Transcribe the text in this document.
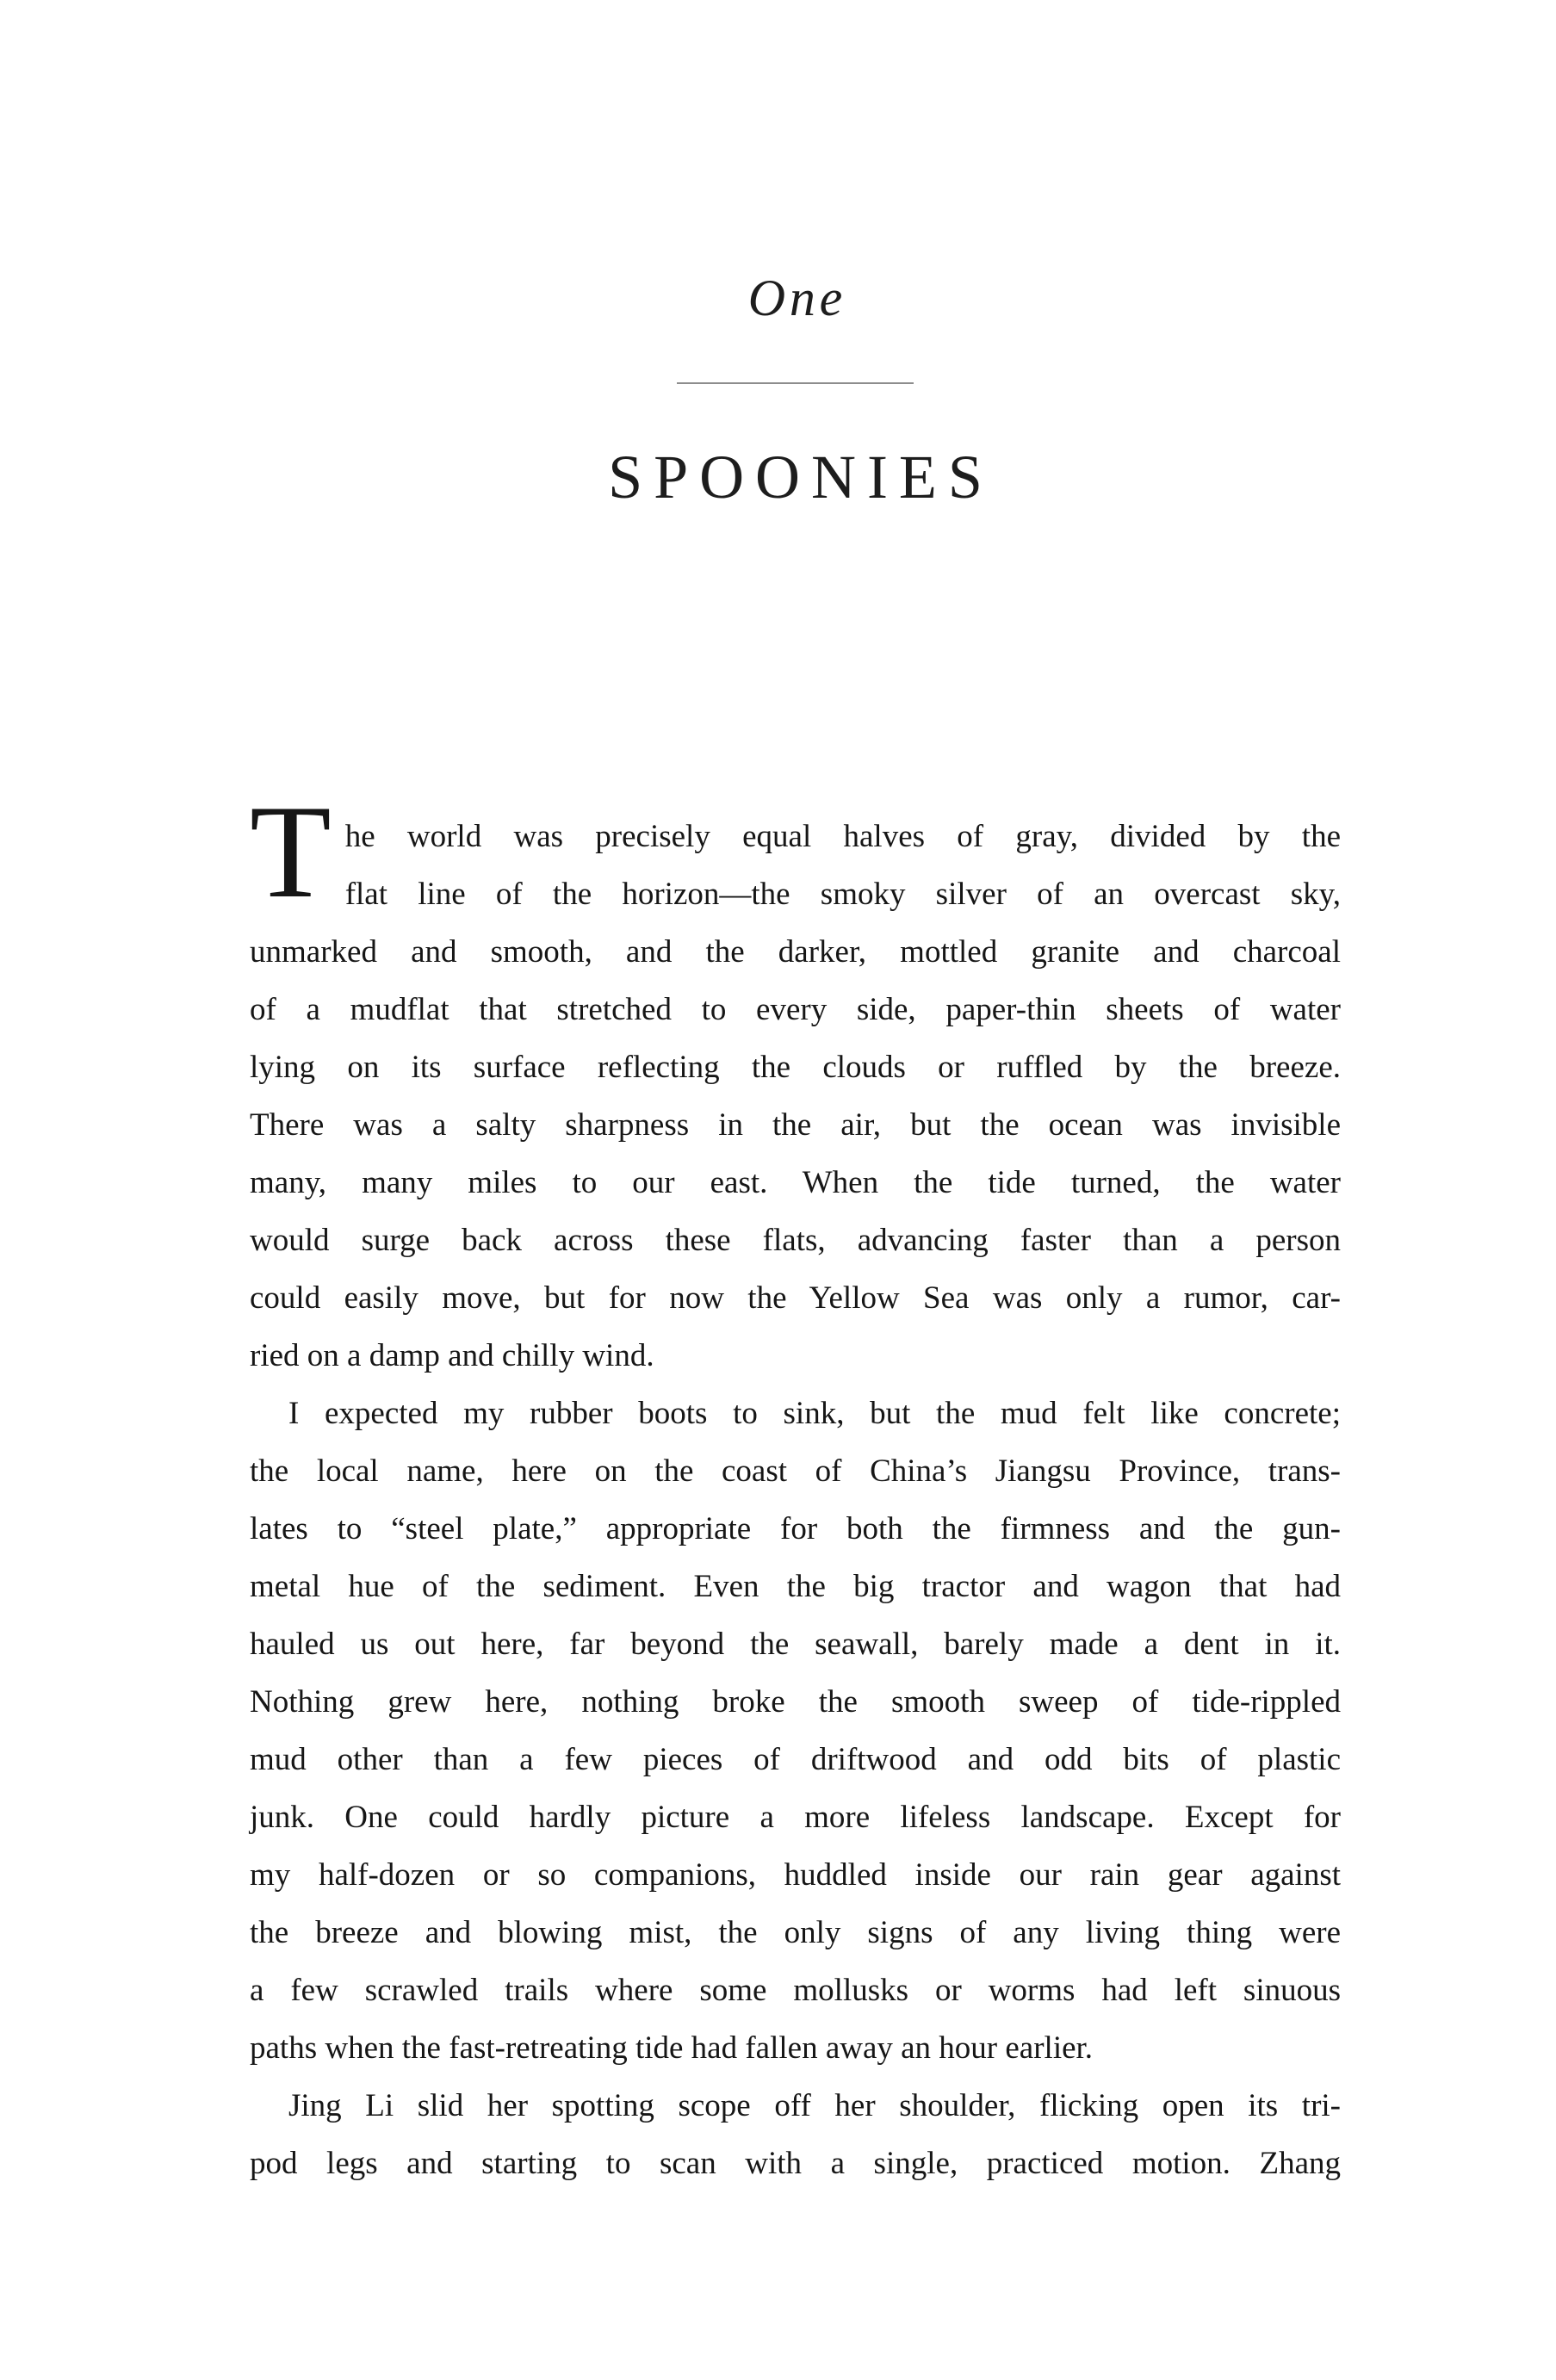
One
SPOONIES
The world was precisely equal halves of gray, divided by the
flat line of the horizon—the smoky silver of an overcast sky,
unmarked and smooth, and the darker, mottled granite and charcoal
of a mudflat that stretched to every side, paper-thin sheets of water
lying on its surface reflecting the clouds or ruffled by the breeze.
There was a salty sharpness in the air, but the ocean was invisible
many, many miles to our east. When the tide turned, the water
would surge back across these flats, advancing faster than a person
could easily move, but for now the Yellow Sea was only a rumor, car-
ried on a damp and chilly wind.
I expected my rubber boots to sink, but the mud felt like concrete;
the local name, here on the coast of China’s Jiangsu Province, trans-
lates to “steel plate,” appropriate for both the firmness and the gun-
metal hue of the sediment. Even the big tractor and wagon that had
hauled us out here, far beyond the seawall, barely made a dent in it.
Nothing grew here, nothing broke the smooth sweep of tide-rippled
mud other than a few pieces of driftwood and odd bits of plastic
junk. One could hardly picture a more lifeless landscape. Except for
my half-dozen or so companions, huddled inside our rain gear against
the breeze and blowing mist, the only signs of any living thing were
a few scrawled trails where some mollusks or worms had left sinuous
paths when the fast-retreating tide had fallen away an hour earlier.
Jing Li slid her spotting scope off her shoulder, flicking open its tri-
pod legs and starting to scan with a single, practiced motion. Zhang
